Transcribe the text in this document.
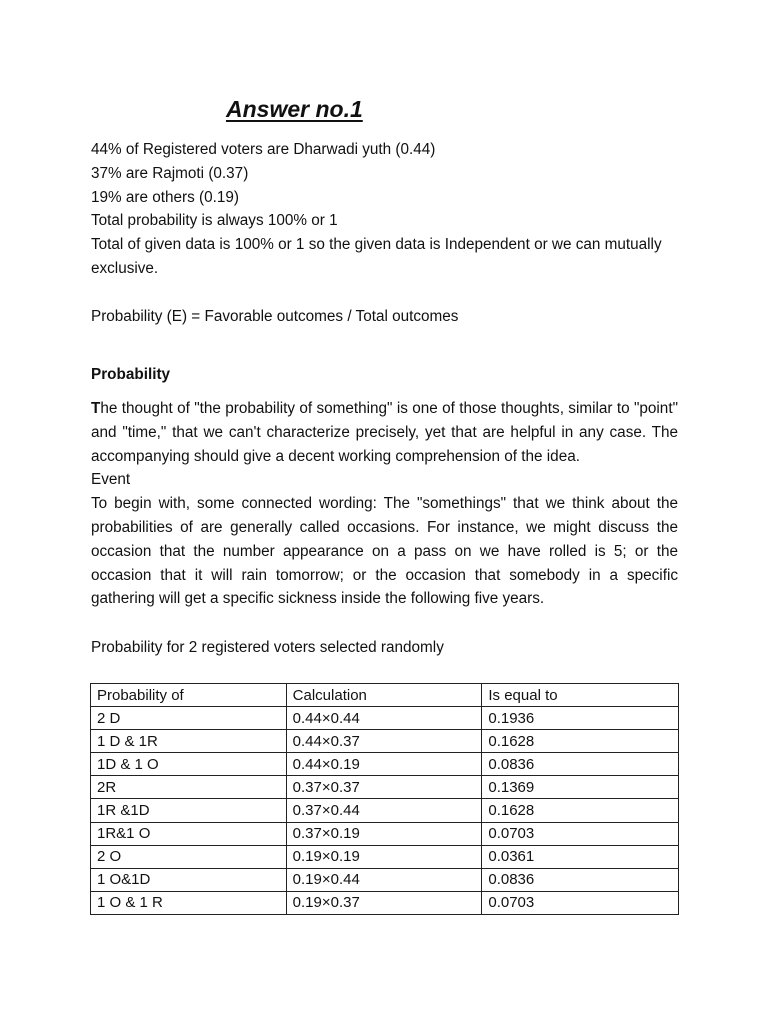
Answer no.1

44% of Registered voters are Dharwadi yuth (0.44)

37% are Rajmoti (0.37)

19% are others (0.19)

Total probability is always 100% or 1

Total of given data is 100% or 1 so the given data is Independent or we can mutually exclusive.

Probability (E) = Favorable outcomes / Total outcomes

Probability

The thought of "the probability of something" is one of those thoughts, similar to "point" and "time," that we can't characterize precisely, yet that are helpful in any case. The accompanying should give a decent working comprehension of the idea.

Event

To begin with, some connected wording: The "somethings" that we think about the probabilities of are generally called occasions. For instance, we might discuss the occasion that the number appearance on a pass on we have rolled is 5; or the occasion that it will rain tomorrow; or the occasion that somebody in a specific gathering will get a specific sickness inside the following five years.

Probability for 2 registered voters selected randomly

Probability of	Calculation	Is equal to
2 D	0.44×0.44	0.1936
1 D & 1R	0.44×0.37	0.1628
1D & 1 O	0.44×0.19	0.0836
2R	0.37×0.37	0.1369
1R &1D	0.37×0.44	0.1628
1R&1 O	0.37×0.19	0.0703
2 O	0.19×0.19	0.0361
1 O&1D	0.19×0.44	0.0836
1 O & 1 R	0.19×0.37	0.0703
